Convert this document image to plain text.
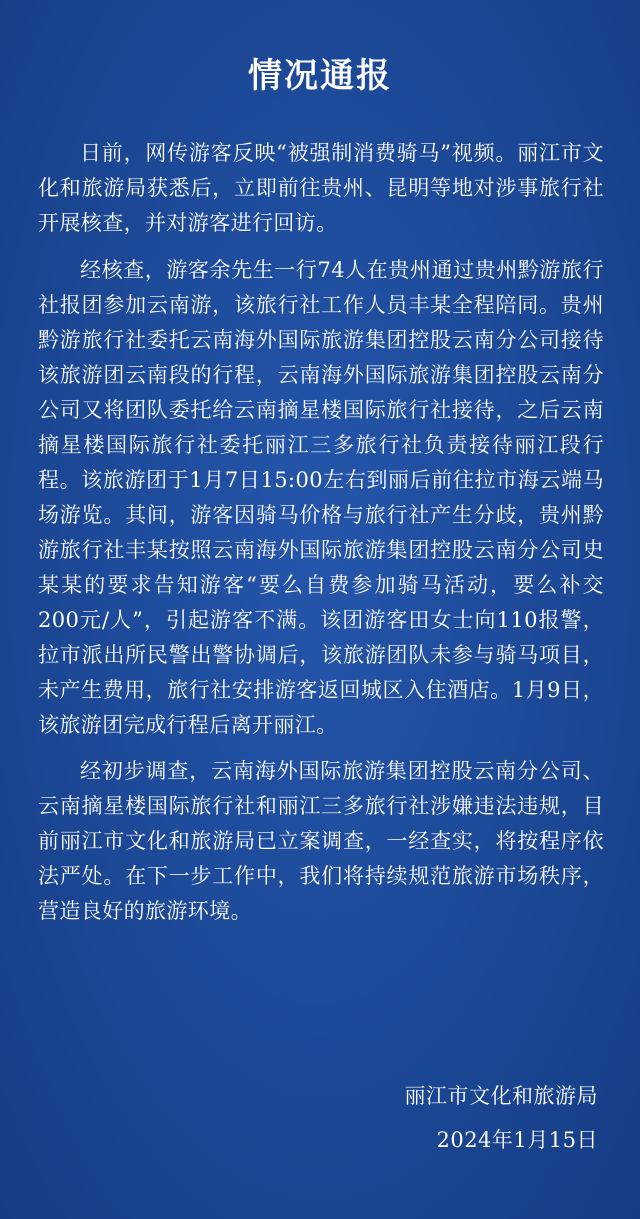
情况通报

日前，网传游客反映“被强制消费骑马”视频。丽江市文化和旅游局获悉后，立即前往贵州、昆明等地对涉事旅行社开展核查，并对游客进行回访。

经核查，游客余先生一行74人在贵州通过贵州黔游旅行社报团参加云南游，该旅行社工作人员丰某全程陪同。贵州黔游旅行社委托云南海外国际旅游集团控股云南分公司接待该旅游团云南段的行程，云南海外国际旅游集团控股云南分公司又将团队委托给云南摘星楼国际旅行社接待，之后云南摘星楼国际旅行社委托丽江三多旅行社负责接待丽江段行程。该旅游团于1月7日15:00左右到丽后前往拉市海云端马场游览。其间，游客因骑马价格与旅行社产生分歧，贵州黔游旅行社丰某按照云南海外国际旅游集团控股云南分公司史某某的要求告知游客“要么自费参加骑马活动，要么补交200元/人”，引起游客不满。该团游客田女士向110报警，拉市派出所民警出警协调后，该旅游团队未参与骑马项目，未产生费用，旅行社安排游客返回城区入住酒店。1月9日，该旅游团完成行程后离开丽江。

经初步调查，云南海外国际旅游集团控股云南分公司、云南摘星楼国际旅行社和丽江三多旅行社涉嫌违法违规，目前丽江市文化和旅游局已立案调查，一经查实，将按程序依法严处。在下一步工作中，我们将持续规范旅游市场秩序，营造良好的旅游环境。

丽江市文化和旅游局
2024年1月15日
